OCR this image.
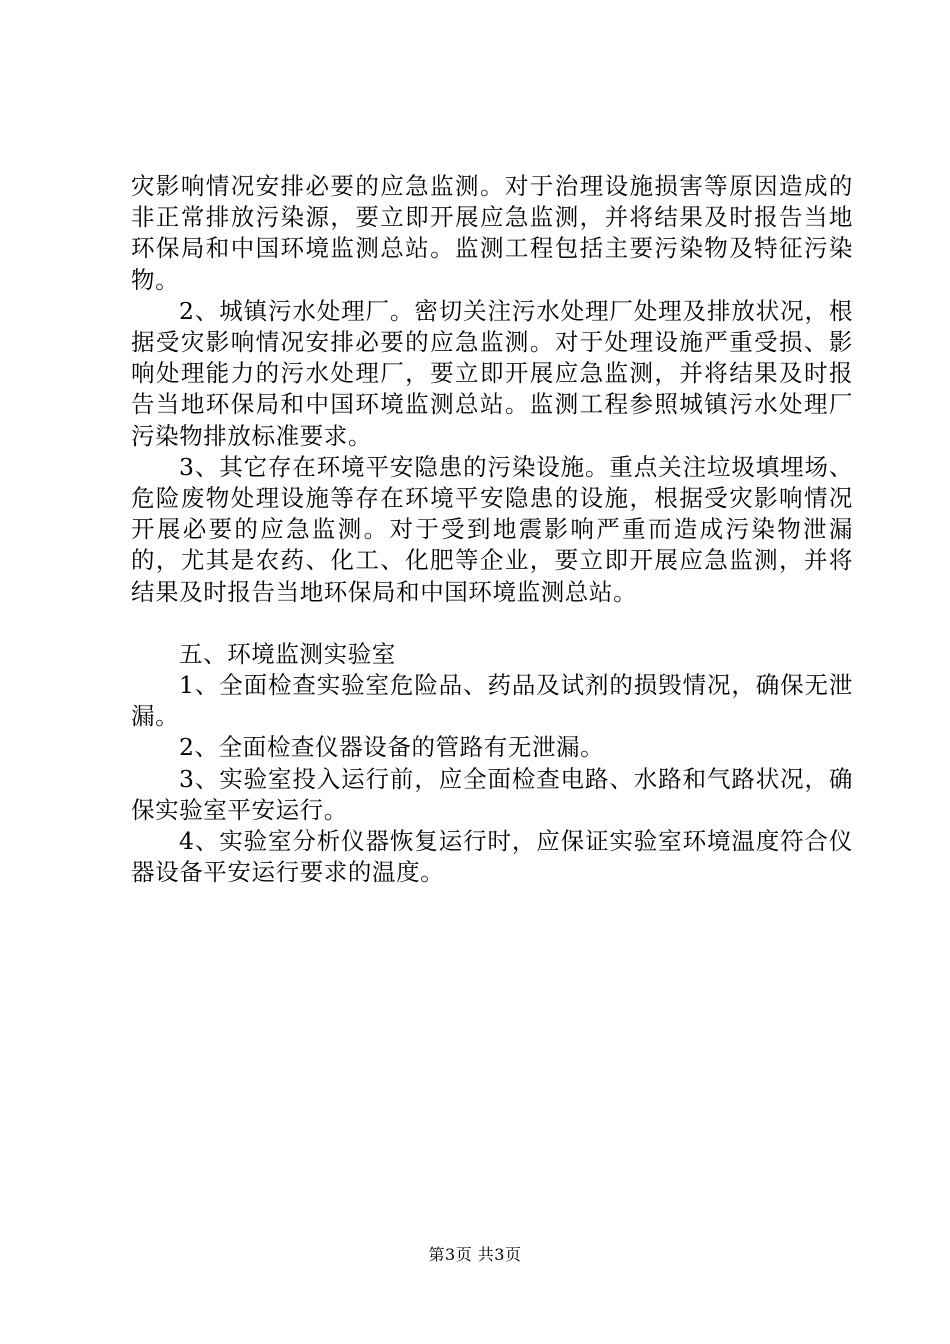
灾影响情况安排必要的应急监测。对于治理设施损害等原因造成的非正常排放污染源，要立即开展应急监测，并将结果及时报告当地环保局和中国环境监测总站。监测工程包括主要污染物及特征污染物。

2、城镇污水处理厂。密切关注污水处理厂处理及排放状况，根据受灾影响情况安排必要的应急监测。对于处理设施严重受损、影响处理能力的污水处理厂，要立即开展应急监测，并将结果及时报告当地环保局和中国环境监测总站。监测工程参照城镇污水处理厂污染物排放标准要求。

3、其它存在环境平安隐患的污染设施。重点关注垃圾填埋场、危险废物处理设施等存在环境平安隐患的设施，根据受灾影响情况开展必要的应急监测。对于受到地震影响严重而造成污染物泄漏的，尤其是农药、化工、化肥等企业，要立即开展应急监测，并将结果及时报告当地环保局和中国环境监测总站。

五、环境监测实验室

1、全面检查实验室危险品、药品及试剂的损毁情况，确保无泄漏。

2、全面检查仪器设备的管路有无泄漏。

3、实验室投入运行前，应全面检查电路、水路和气路状况，确保实验室平安运行。

4、实验室分析仪器恢复运行时，应保证实验室环境温度符合仪器设备平安运行要求的温度。

第3页 共3页
